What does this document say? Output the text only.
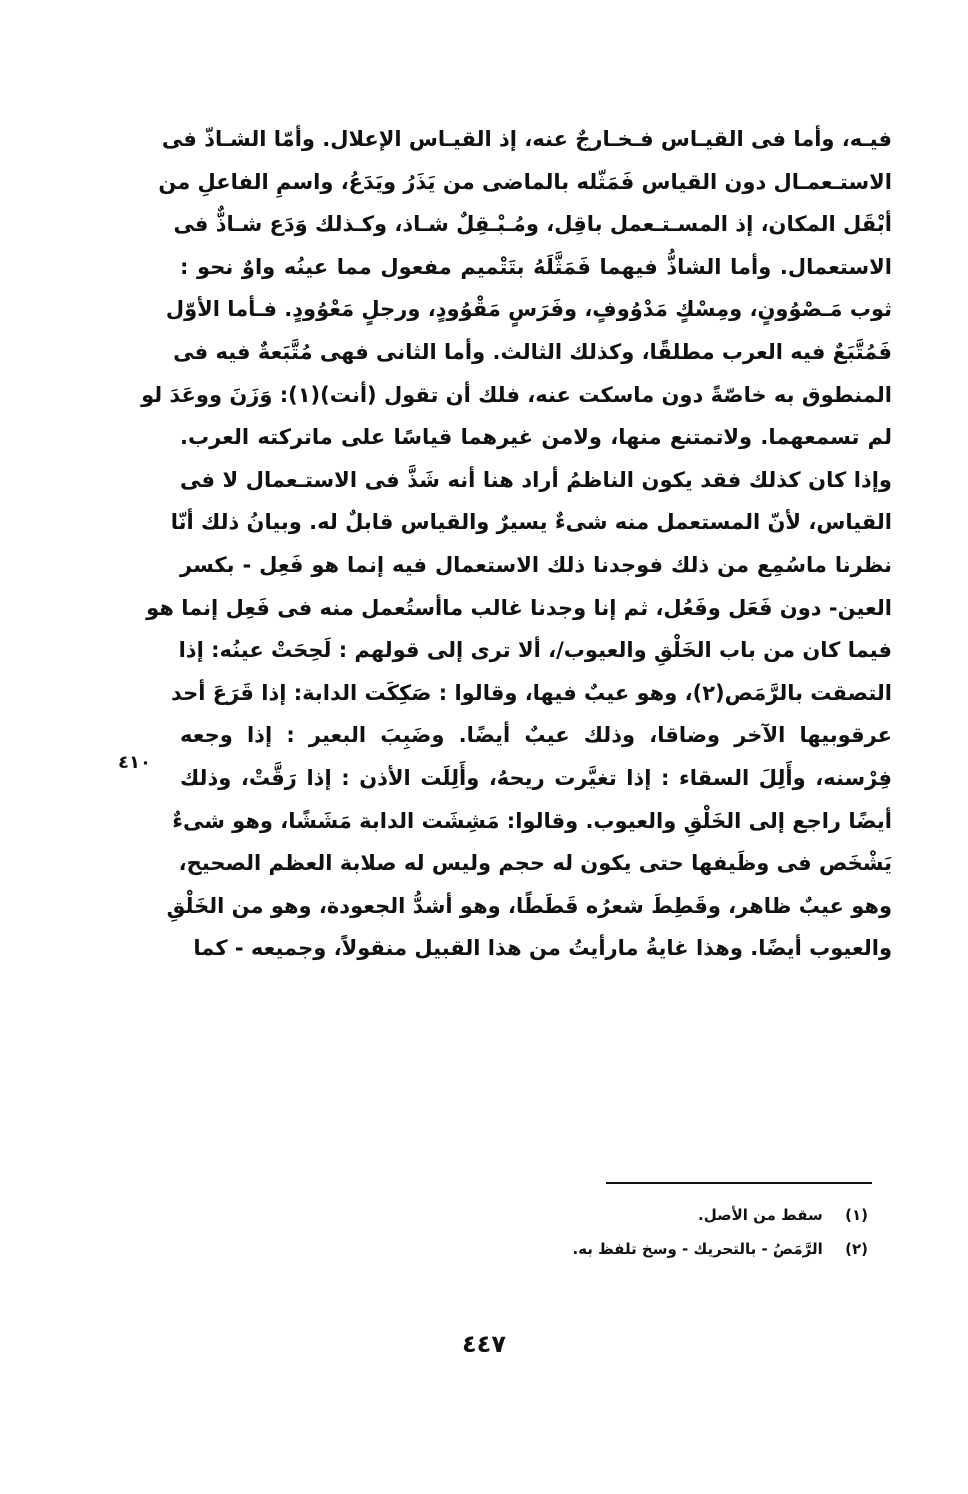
فيـه، وأما فى القيـاس فـخـارجٌ عنه، إذ القيـاس الإعلال. وأمّا الشـاذّ فى
الاستـعمـال دون القياس فَمَثّله بالماضى من يَذَرُ ويَدَعُ، واسمِ الفاعلِ من
أبْقَل المكان، إذ المسـتـعمل باقِل، ومُـبْـقِلٌ شـاذ، وكـذلك وَدَع شـاذٌّ فى
الاستعمال. وأما الشاذُّ فيهما فَمَثَّلَهُ بتَتْميم مفعول مما عينُه واوٌ نحو :
ثوب مَـصْوُونٍ، ومِسْكٍ مَدْوُوفٍ، وفَرَسٍ مَقْوُودٍ، ورجلٍ مَعْوُودٍ. فـأما الأوّل
فَمُتَّبَعٌ فيه العرب مطلقًا، وكذلك الثالث. وأما الثانى فهى مُتَّبَعةٌ فيه فى
المنطوق به خاصّةً دون ماسكت عنه، فلك أن تقول (أنت)(١): وَزَنَ ووعَدَ لو
لم تسمعهما. ولاتمتنع منها، ولامن غيرهما قياسًا على ماتركته العرب.
وإذا كان كذلك فقد يكون الناظمُ أراد هنا أنه شَذَّ فى الاستـعمال لا فى
القياس، لأنّ المستعمل منه شىءٌ يسيرٌ والقياس قابلٌ له. وبيانُ ذلك أنّا
نظرنا ماسُمِع من ذلك فوجدنا ذلك الاستعمال فيه إنما هو فَعِل - بكسر
العين- دون فَعَل وفَعُل، ثم إنا وجدنا غالب ماأستُعمل منه فى فَعِل إنما هو
فيما كان من باب الخَلْقِ والعيوب/، ألا ترى إلى قولهم : لَحِحَتْ عينُه: إذا
التصقت بالرَّمَص(٢)، وهو عيبٌ فيها، وقالوا : صَكِكَت الدابة: إذا قَرَعَ أحد
عرقوبيها الآخر وضاقا، وذلك عيبٌ أيضًا. وضَبِبَ البعير : إذا وجعه
فِرْسنه، وأَلِلَ السقاء : إذا تغيَّرت ريحهُ، وأَلِلَت الأذن : إذا رَقَّتْ، وذلك
أيضًا راجع إلى الخَلْقِ والعيوب. وقالوا: مَشِشَت الدابة مَشَشًا، وهو شىءٌ
يَشْخَص فى وظَيفها حتى يكون له حجم وليس له صلابة العظم الصحيح،
وهو عيبٌ ظاهر، وقَطِطَ شعرُه قَطَطًا، وهو أشدُّ الجعودة، وهو من الخَلْقِ
والعيوب أيضًا. وهذا غايةُ مارأيتُ من هذا القبيل منقولاً، وجميعه - كما
٤١٠
(١) سقط من الأصل.
(٢) الرَّمَصُ - بالتحريك - وسخ تلفظ به.
٤٤٧
